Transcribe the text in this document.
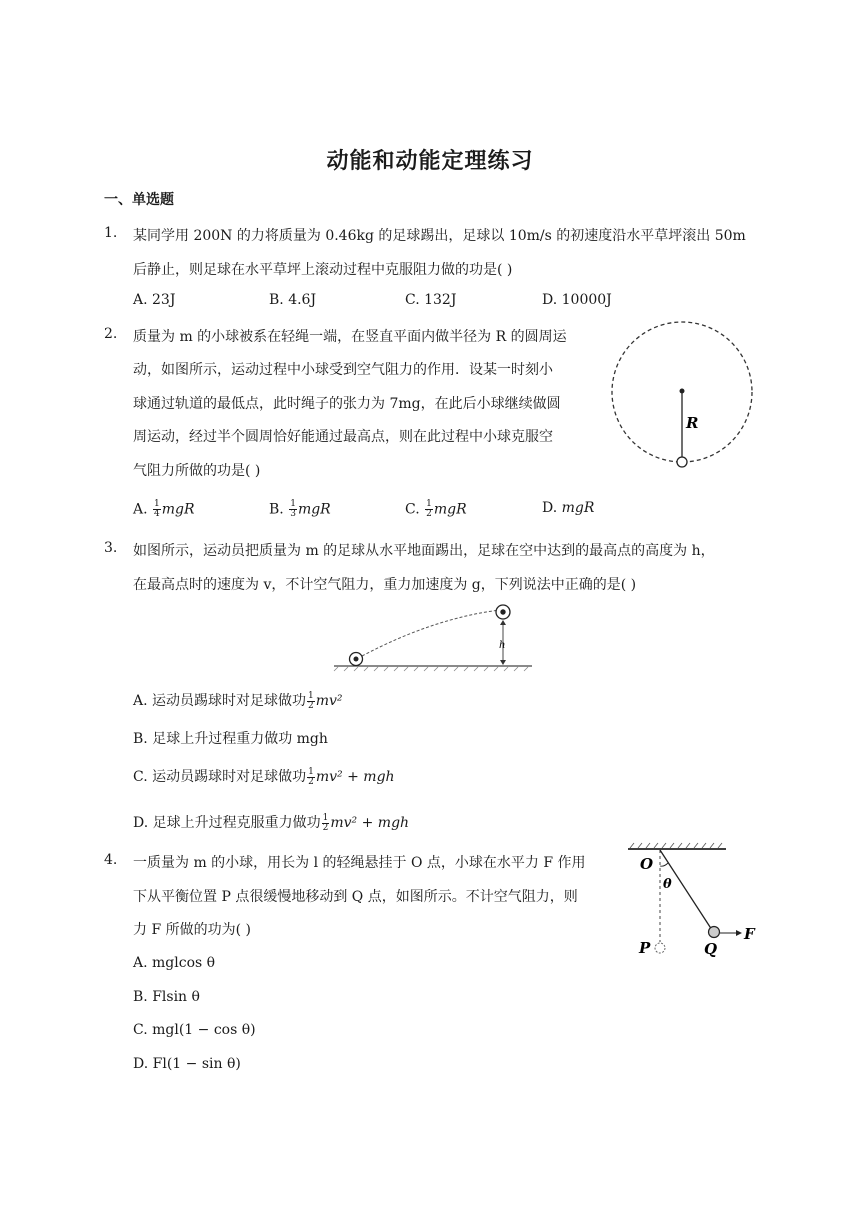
动能和动能定理练习
一、单选题
1. 某同学用 200N 的力将质量为 0.46kg 的足球踢出，足球以 10m/s 的初速度沿水平草坪滚出 50m
后静止，则足球在水平草坪上滚动过程中克服阻力做的功是( )
A. 23J	B. 4.6J	C. 132J	D. 10000J
2. 质量为 m 的小球被系在轻绳一端，在竖直平面内做半径为 R 的圆周运
动，如图所示，运动过程中小球受到空气阻力的作用．设某一时刻小
球通过轨道的最低点，此时绳子的张力为 7mg，在此后小球继续做圆
周运动，经过半个圆周恰好能通过最高点，则在此过程中小球克服空
气阻力所做的功是( )
R
A. $\frac{1}{4}$ mgR	B. $\frac{1}{3}$ mgR	C. $\frac{1}{2}$ mgR	D. mgR
3. 如图所示，运动员把质量为 m 的足球从水平地面踢出，足球在空中达到的最高点的高度为 h，
在最高点时的速度为 v，不计空气阻力，重力加速度为 g，下列说法中正确的是( )
h
A. 运动员踢球时对足球做功 $\frac{1}{2} mv^2$
B. 足球上升过程重力做功 mgh
C. 运动员踢球时对足球做功 $\frac{1}{2} mv^2$ + mgh
D. 足球上升过程克服重力做功 $\frac{1}{2} mv^2$ + mgh
4. 一质量为 m 的小球，用长为 l 的轻绳悬挂于 O 点，小球在水平力 F 作用
下从平衡位置 P 点很缓慢地移动到 Q 点，如图所示。不计空气阻力，则
力 F 所做的功为( )
O
θ
P	Q
F
A. mglcos θ
B. Flsin θ
C. mgl(1 − cos θ)
D. Fl(1 − sin θ)
